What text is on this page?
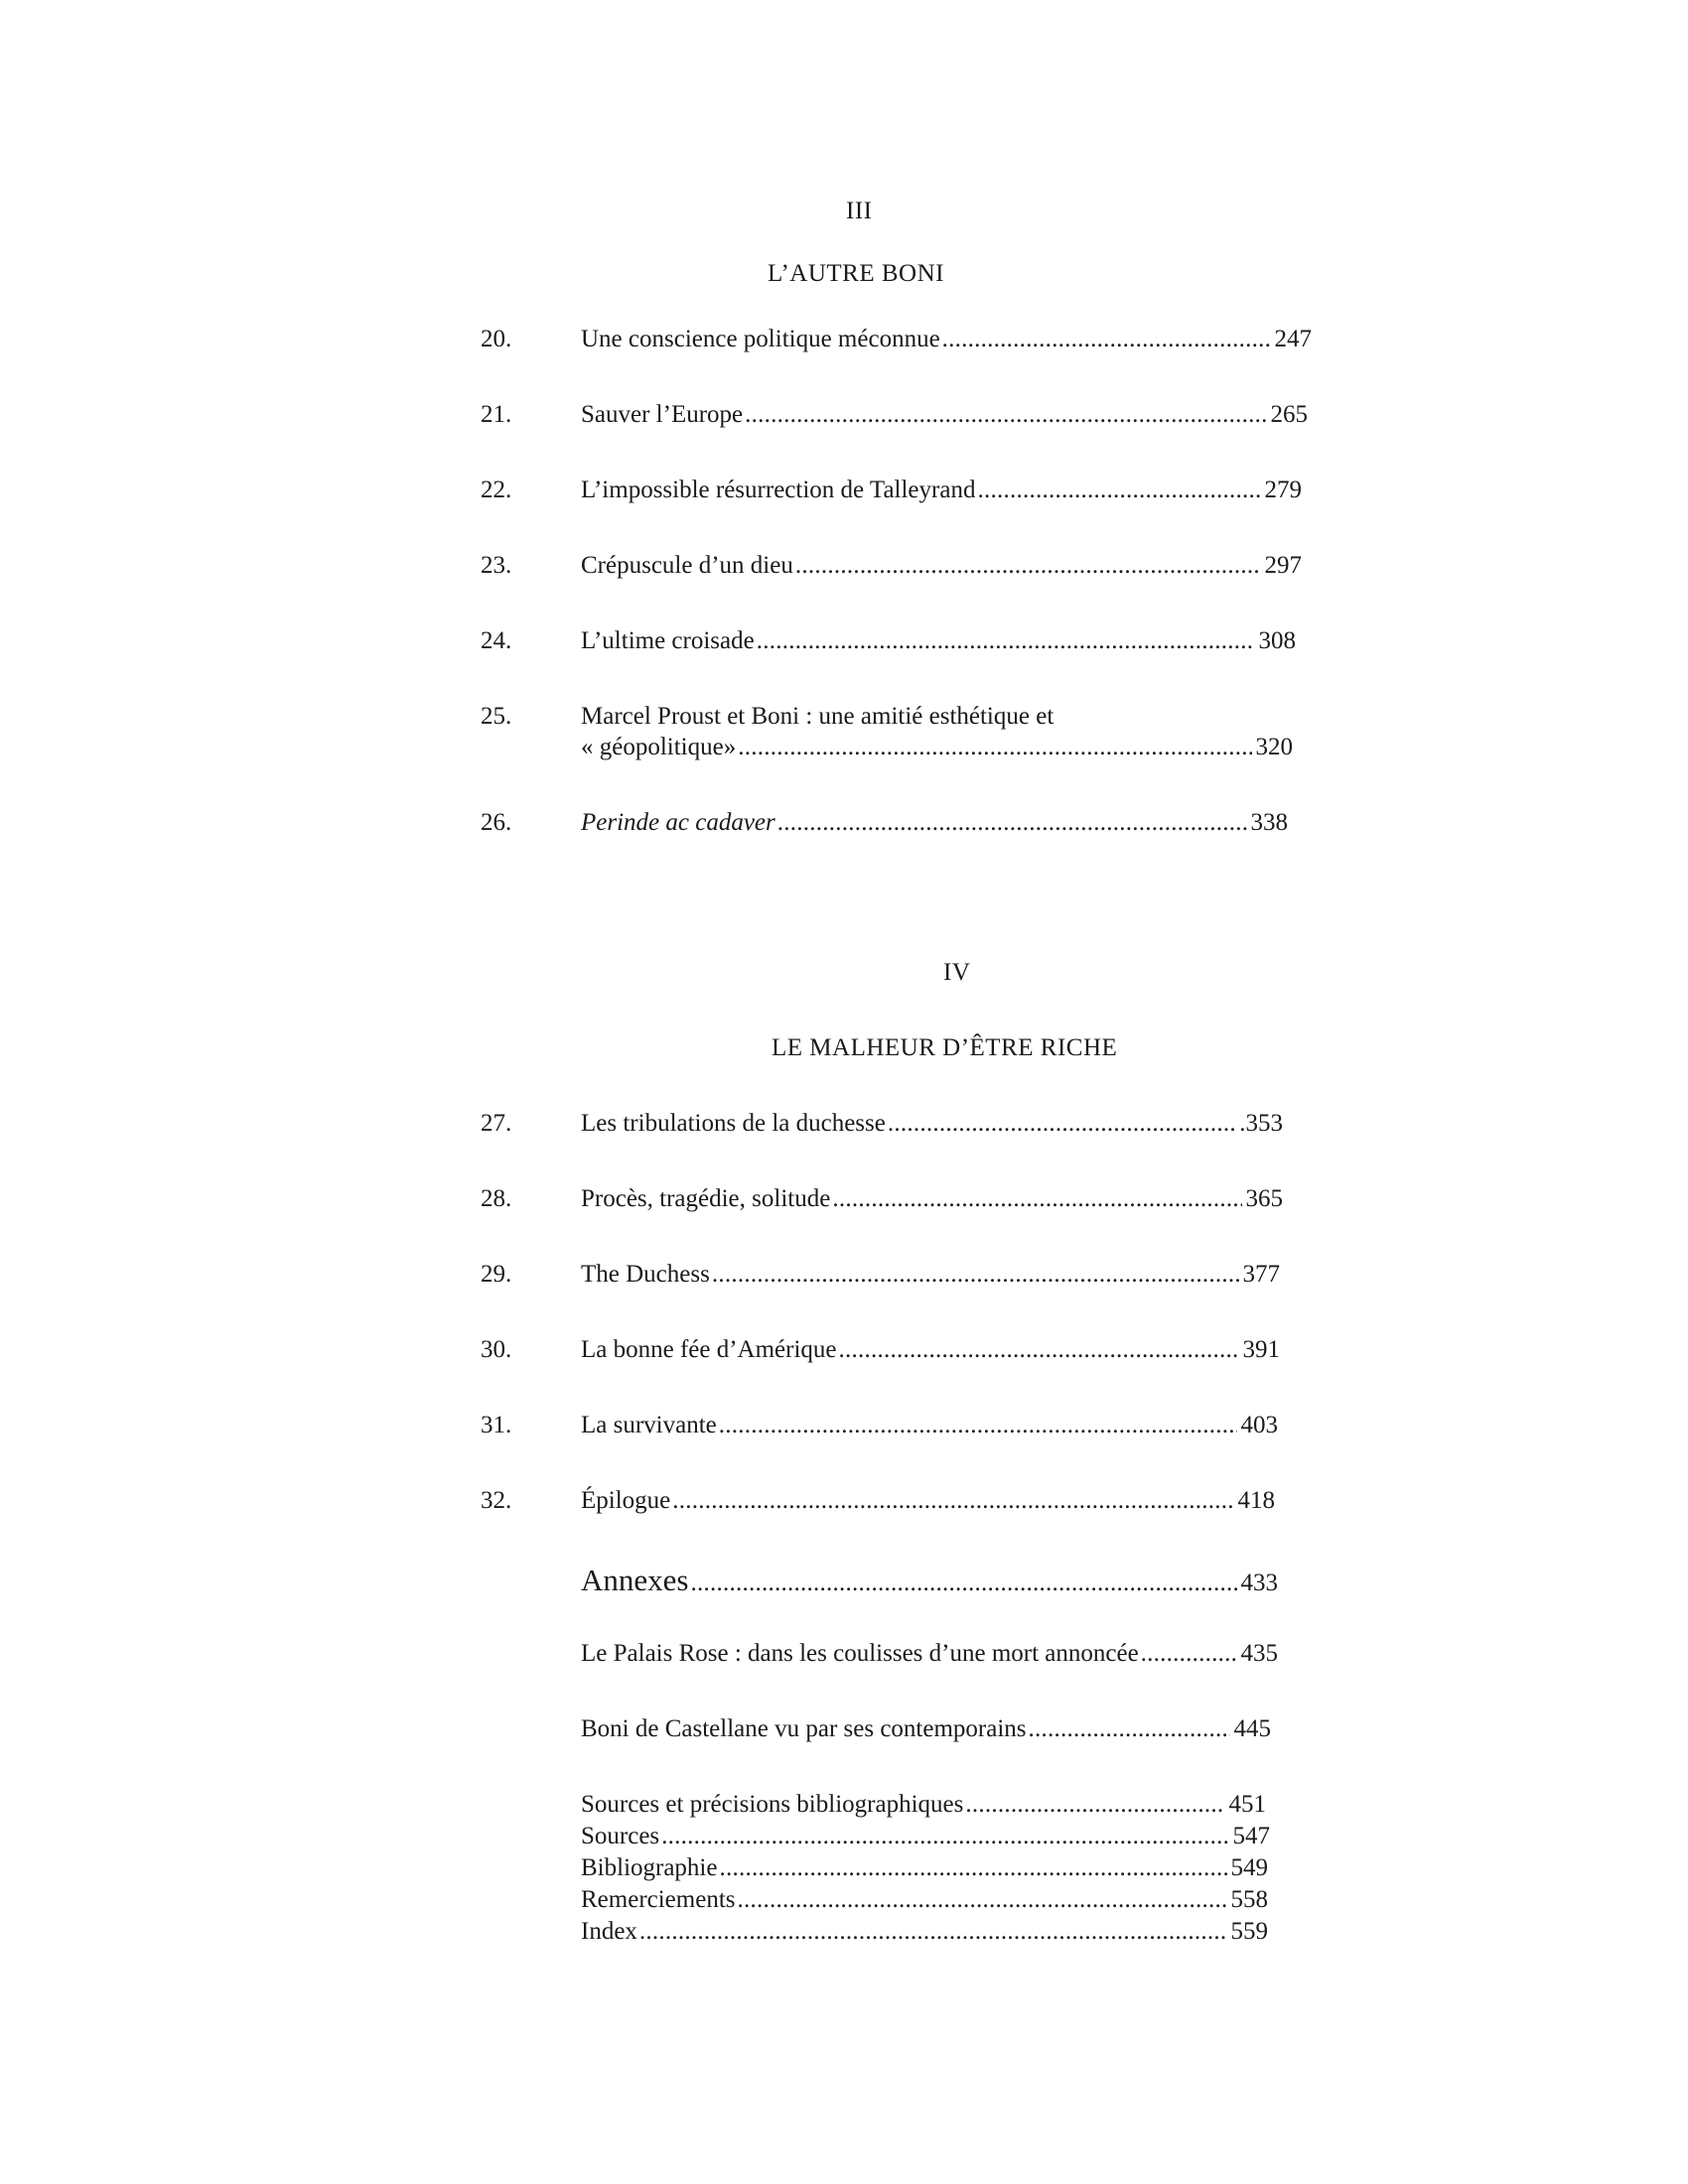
III
L’AUTRE BONI
20.	Une conscience politique méconnue . . .	247
21.	Sauver l’Europe . . .	265
22.	L’impossible résurrection de Talleyrand . . .	279
23.	Crépuscule d’un dieu . . .	297
24.	L’ultime croisade . . .	308
25.	Marcel Proust et Boni : une amitié esthétique et
« géopolitique» . . .	320
26.	Perinde ac cadaver . . .	338
IV
LE MALHEUR D’ÊTRE RICHE
27.	Les tribulations de la duchesse . . .	.353
28.	Procès, tragédie, solitude . . .	365
29.	The Duchess . . .	377
30.	La bonne fée d’Amérique . . .	391
31.	La survivante . . .	403
32.	Épilogue . . .	418
Annexes . . .	433
Le Palais Rose : dans les coulisses d’une mort annoncée . . .	435
Boni de Castellane vu par ses contemporains . . .	445
Sources et précisions bibliographiques . . .	451
Sources . . .	547
Bibliographie . . .	549
Remerciements . . .	558
Index . . .	559
